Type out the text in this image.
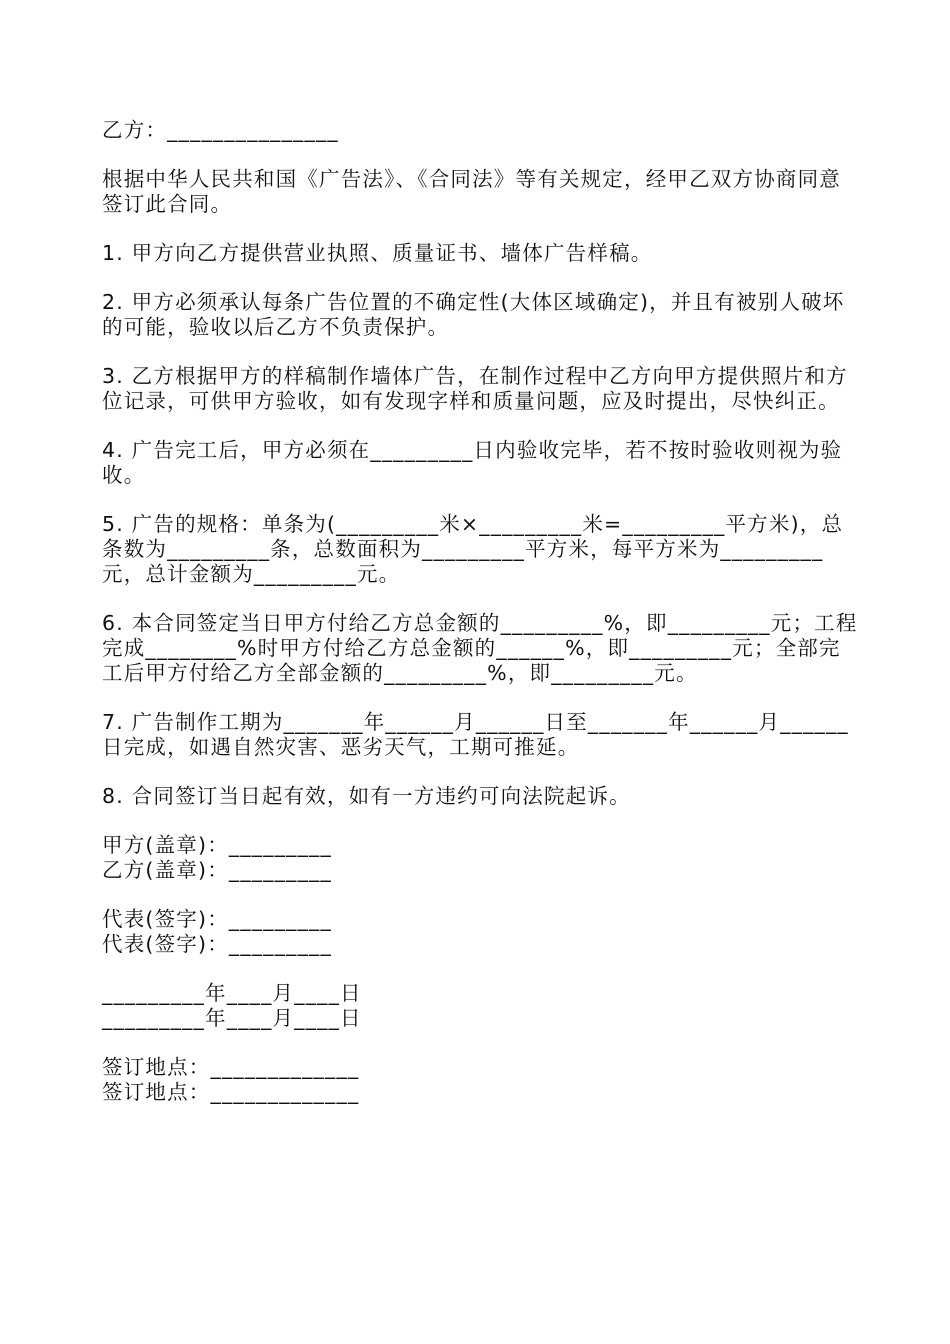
乙方：_______________

根据中华人民共和国《广告法》、《合同法》等有关规定，经甲乙双方协商同意签订此合同。

1. 甲方向乙方提供营业执照、质量证书、墙体广告样稿。

2. 甲方必须承认每条广告位置的不确定性(大体区域确定)，并且有被别人破坏的可能，验收以后乙方不负责保护。

3. 乙方根据甲方的样稿制作墙体广告，在制作过程中乙方向甲方提供照片和方位记录，可供甲方验收，如有发现字样和质量问题，应及时提出，尽快纠正。

4. 广告完工后，甲方必须在_________日内验收完毕，若不按时验收则视为验收。

5. 广告的规格：单条为(_________米×_________米=_________平方米)，总条数为_________条，总数面积为_________平方米，每平方米为_________元，总计金额为_________元。

6. 本合同签定当日甲方付给乙方总金额的_________%，即_________元；工程完成________%时甲方付给乙方总金额的______%，即_________元；全部完工后甲方付给乙方全部金额的_________%，即_________元。

7. 广告制作工期为_______年______月______日至_______年______月______日完成，如遇自然灾害、恶劣天气，工期可推延。

8. 合同签订当日起有效，如有一方违约可向法院起诉。

甲方(盖章)：_________

乙方(盖章)：_________

代表(签字)：_________

代表(签字)：_________

_________年____月____日

_________年____月____日

签订地点：_____________

签订地点：_____________
